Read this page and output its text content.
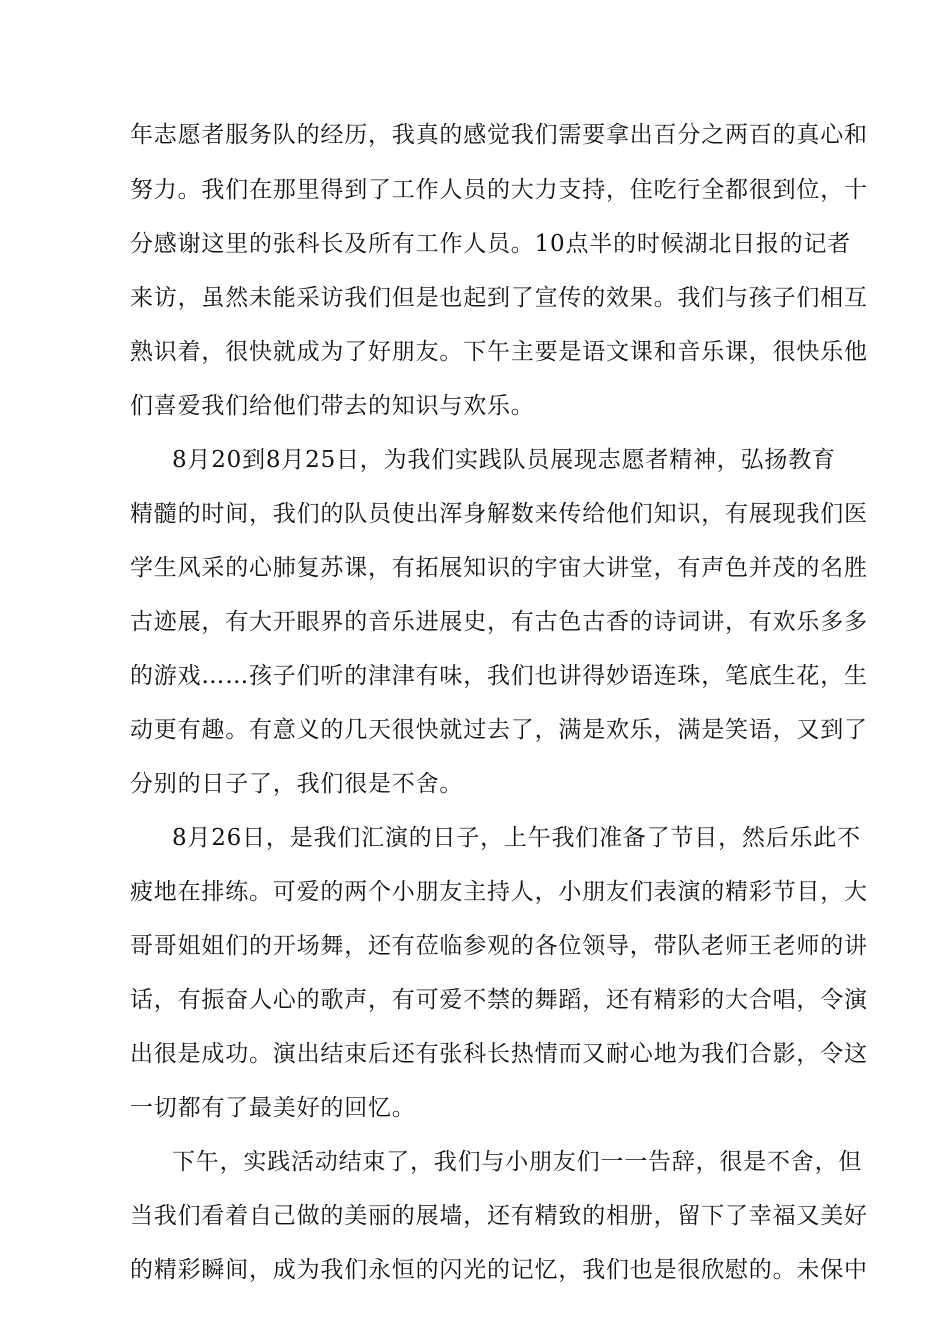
年志愿者服务队的经历，我真的感觉我们需要拿出百分之两百的真心和
努力。我们在那里得到了工作人员的大力支持，住吃行全都很到位，十
分感谢这里的张科长及所有工作人员。10点半的时候湖北日报的记者
来访，虽然未能采访我们但是也起到了宣传的效果。我们与孩子们相互
熟识着，很快就成为了好朋友。下午主要是语文课和音乐课，很快乐他
们喜爱我们给他们带去的知识与欢乐。
8月20到8月25日，为我们实践队员展现志愿者精神，弘扬教育
精髓的时间，我们的队员使出浑身解数来传给他们知识，有展现我们医
学生风采的心肺复苏课，有拓展知识的宇宙大讲堂，有声色并茂的名胜
古迹展，有大开眼界的音乐进展史，有古色古香的诗词讲，有欢乐多多
的游戏……孩子们听的津津有味，我们也讲得妙语连珠，笔底生花，生
动更有趣。有意义的几天很快就过去了，满是欢乐，满是笑语，又到了
分别的日子了，我们很是不舍。
8月26日，是我们汇演的日子，上午我们准备了节目，然后乐此不
疲地在排练。可爱的两个小朋友主持人，小朋友们表演的精彩节目，大
哥哥姐姐们的开场舞，还有莅临参观的各位领导，带队老师王老师的讲
话，有振奋人心的歌声，有可爱不禁的舞蹈，还有精彩的大合唱，令演
出很是成功。演出结束后还有张科长热情而又耐心地为我们合影，令这
一切都有了最美好的回忆。
下午，实践活动结束了，我们与小朋友们一一告辞，很是不舍，但
当我们看着自己做的美丽的展墙，还有精致的相册，留下了幸福又美好
的精彩瞬间，成为我们永恒的闪光的记忆，我们也是很欣慰的。未保中
